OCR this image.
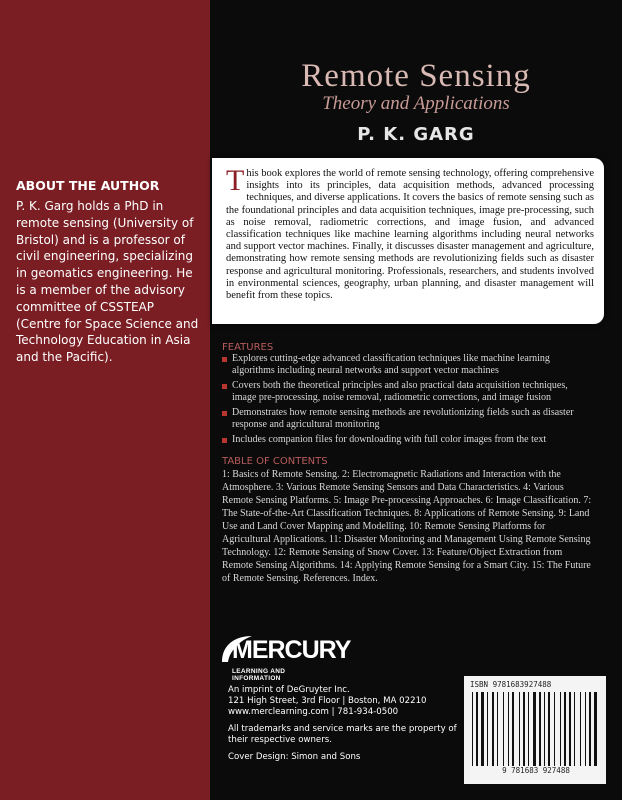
Remote Sensing
Theory and Applications
P. K. GARG
ABOUT THE AUTHOR
P. K. Garg holds a PhD in remote sensing (University of Bristol) and is a professor of civil engineering, specializing in geomatics engineering. He is a member of the advisory committee of CSSTEAP (Centre for Space Science and Technology Education in Asia and the Pacific).
This book explores the world of remote sensing technology, offering comprehensive insights into its principles, data acquisition methods, advanced processing techniques, and diverse applications. It covers the basics of remote sensing such as the foundational principles and data acquisition techniques, image pre-processing, such as noise removal, radiometric corrections, and image fusion, and advanced classification techniques like machine learning algorithms including neural networks and support vector machines. Finally, it discusses disaster management and agriculture, demonstrating how remote sensing methods are revolutionizing fields such as disaster response and agricultural monitoring. Professionals, researchers, and students involved in environmental sciences, geography, urban planning, and disaster management will benefit from these topics.
FEATURES
Explores cutting-edge advanced classification techniques like machine learning algorithms including neural networks and support vector machines
Covers both the theoretical principles and also practical data acquisition techniques, image pre-processing, noise removal, radiometric corrections, and image fusion
Demonstrates how remote sensing methods are revolutionizing fields such as disaster response and agricultural monitoring
Includes companion files for downloading with full color images from the text
TABLE OF CONTENTS
1: Basics of Remote Sensing. 2: Electromagnetic Radiations and Interaction with the Atmosphere. 3: Various Remote Sensing Sensors and Data Characteristics. 4: Various Remote Sensing Platforms. 5: Image Pre-processing Approaches. 6: Image Classification. 7: The State-of-the-Art Classification Techniques. 8: Applications of Remote Sensing. 9: Land Use and Land Cover Mapping and Modelling. 10: Remote Sensing Platforms for Agricultural Applications. 11: Disaster Monitoring and Management Using Remote Sensing Technology. 12: Remote Sensing of Snow Cover. 13: Feature/Object Extraction from Remote Sensing Algorithms. 14: Applying Remote Sensing for a Smart City. 15: The Future of Remote Sensing. References. Index.
MERCURY
LEARNING AND INFORMATION
An imprint of DeGruyter Inc.
121 High Street, 3rd Floor | Boston, MA 02210
www.merclearning.com | 781-934-0500
All trademarks and service marks are the property of their respective owners.
Cover Design: Simon and Sons
ISBN 9781683927488
9 781683 927488
